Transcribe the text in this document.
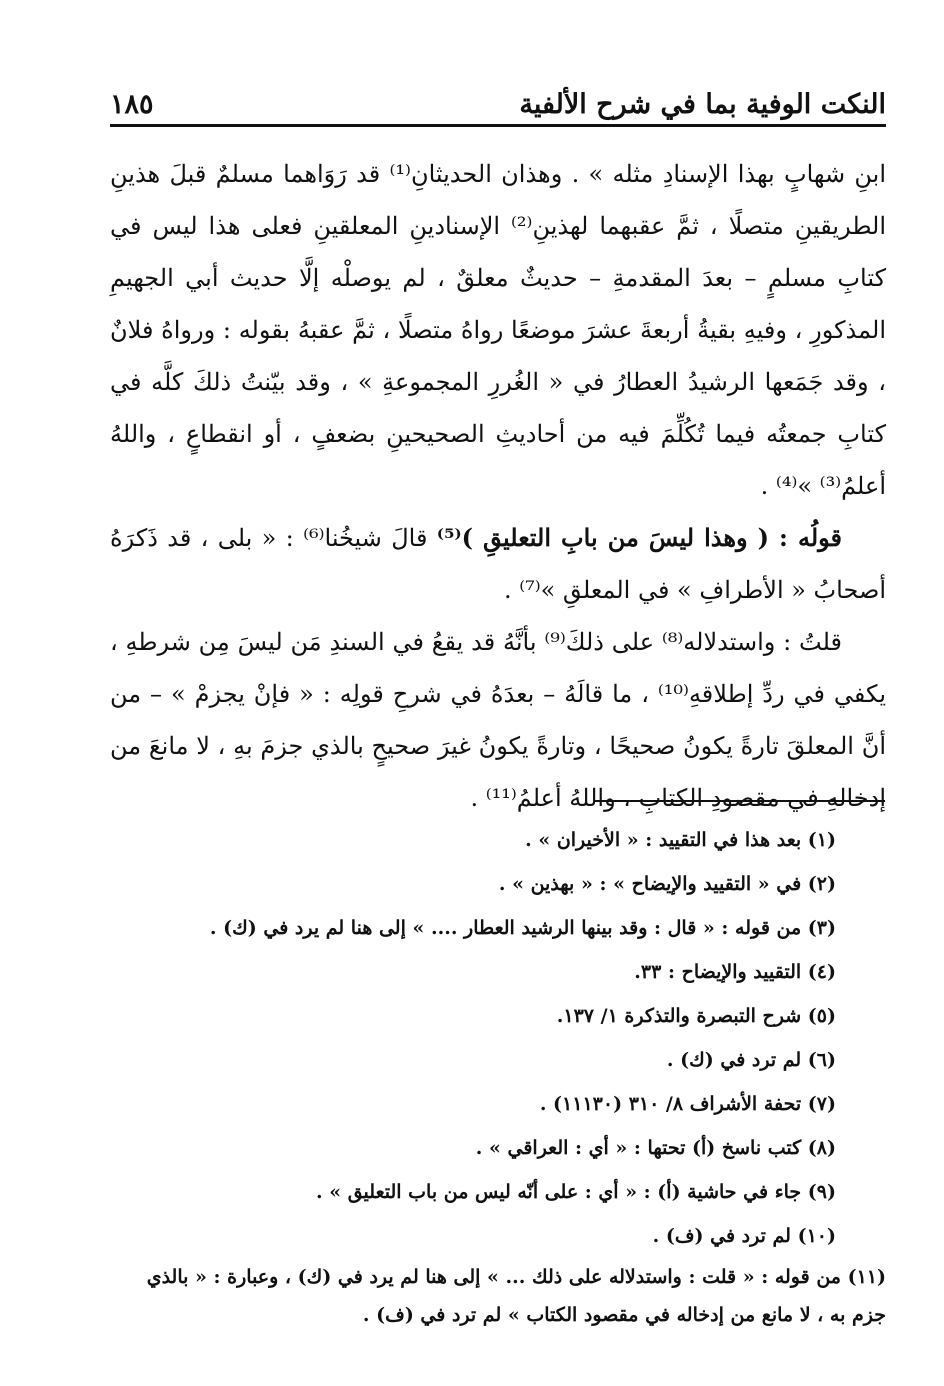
النكت الوفية بما في شرح الألفية
١٨٥

ابنِ شهابٍ بهذا الإسنادِ مثله » . وهذان الحديثانِ⁽¹⁾ قد رَوَاهما مسلمٌ قبلَ هذينِ الطريقينِ متصلًا ، ثمَّ عقبهما لهذينِ⁽²⁾ الإسنادينِ المعلقينِ فعلى هذا ليس في كتابِ مسلمٍ – بعدَ المقدمةِ – حديثٌ معلقٌ ، لم يوصلْه إلَّا حديث أبي الجهيمِ المذكورِ ، وفيهِ بقيةُ أربعةَ عشرَ موضعًا رواهُ متصلًا ، ثمَّ عقبهُ بقوله : ورواهُ فلانٌ ، وقد جَمَعها الرشيدُ العطارُ في « الغُررِ المجموعةِ » ، وقد بيّنتُ ذلكَ كلَّه في كتابِ جمعتُه فيما تُكُلِّمَ فيه من أحاديثِ الصحيحينِ بضعفٍ ، أو انقطاعٍ ، واللهُ أعلمُ⁽³⁾ »⁽⁴⁾ .

قولُه : ( وهذا ليسَ من بابِ التعليقِ )⁽⁵⁾ قالَ شيخُنا⁽⁶⁾ : « بلى ، قد ذَكرَهُ أصحابُ « الأطرافِ » في المعلقِ »⁽⁷⁾ .

قلتُ : واستدلاله⁽⁸⁾ على ذلكَ⁽⁹⁾ بأنَّهُ قد يقعُ في السندِ مَن ليسَ مِن شرطهِ ، يكفي في ردِّ إطلاقهِ⁽¹⁰⁾ ، ما قالَهُ – بعدَهُ في شرحِ قولِه : « فإنْ يجزمْ » – من أنَّ المعلقَ تارةً يكونُ صحيحًا ، وتارةً يكونُ غيرَ صحيحٍ بالذي جزمَ بهِ ، لا مانعَ من إدخالهِ في مقصودِ الكتابِ ، واللهُ أعلمُ⁽¹¹⁾ .

(١) بعد هذا في التقييد : « الأخيران » .

(٢) في « التقييد والإيضاح » : « بهذين » .

(٣) من قوله : « قال : وقد بينها الرشيد العطار .... » إلى هنا لم يرد في (ك) .

(٤) التقييد والإيضاح : ٣٣.

(٥) شرح التبصرة والتذكرة ١/ ١٣٧.

(٦) لم ترد في (ك) .

(٧) تحفة الأشراف ٨/ ٣١٠ (١١١٣٠) .

(٨) كتب ناسخ (أ) تحتها : « أي : العراقي » .

(٩) جاء في حاشية (أ) : « أي : على أنّه ليس من باب التعليق » .

(١٠) لم ترد في (ف) .

(١١) من قوله : « قلت : واستدلاله على ذلك ... » إلى هنا لم يرد في (ك) ، وعبارة : « بالذي جزم به ، لا مانع من إدخاله في مقصود الكتاب » لم ترد في (ف) .
